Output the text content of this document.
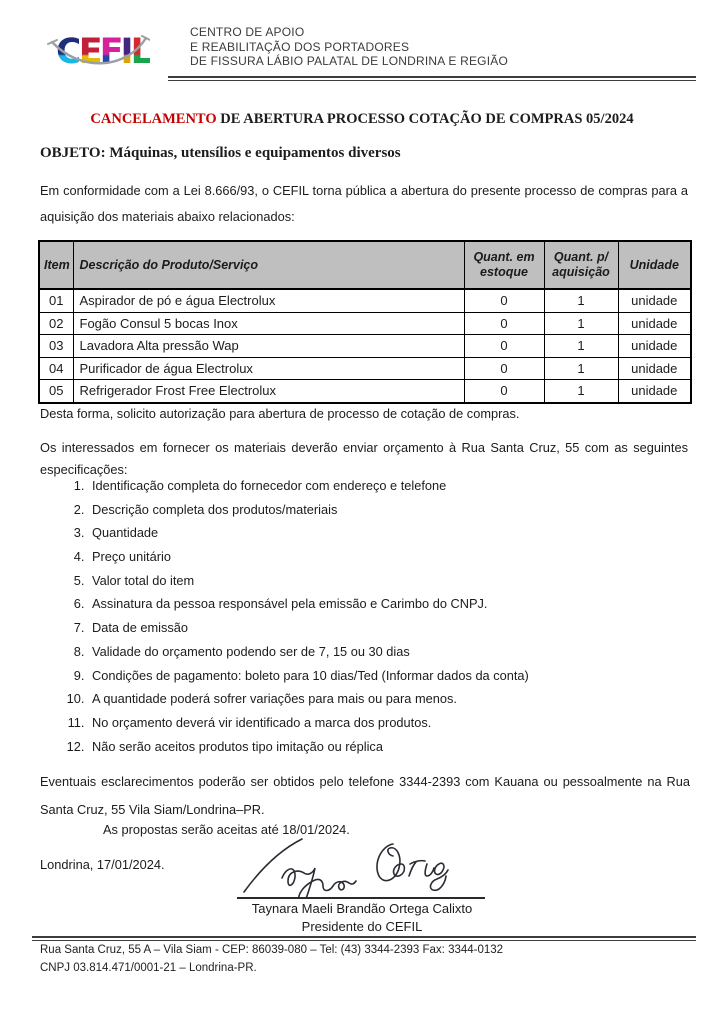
CEFIL	CENTRO DE APOIO
E REABILITAÇÃO DOS PORTADORES
DE FISSURA LÁBIO PALATAL DE LONDRINA E REGIÃO
CANCELAMENTO DE ABERTURA PROCESSO COTAÇÃO DE COMPRAS 05/2024
OBJETO: Máquinas, utensílios e equipamentos diversos
Em conformidade com a Lei 8.666/93, o CEFIL torna pública a abertura do presente processo de compras para a aquisição dos materiais abaixo relacionados:
Item	Descrição do Produto/Serviço	Quant. em estoque	Quant. p/ aquisição	Unidade
01	Aspirador de pó e água Electrolux	0	1	unidade
02	Fogão Consul 5 bocas Inox	0	1	unidade
03	Lavadora Alta pressão Wap	0	1	unidade
04	Purificador de água Electrolux	0	1	unidade
05	Refrigerador Frost Free Electrolux	0	1	unidade
Desta forma, solicito autorização para abertura de processo de cotação de compras.
Os interessados em fornecer os materiais deverão enviar orçamento à Rua Santa Cruz, 55 com as seguintes especificações:
1. Identificação completa do fornecedor com endereço e telefone
2. Descrição completa dos produtos/materiais
3. Quantidade
4. Preço unitário
5. Valor total do item
6. Assinatura da pessoa responsável pela emissão e Carimbo do CNPJ.
7. Data de emissão
8. Validade do orçamento podendo ser de 7, 15 ou 30 dias
9. Condições de pagamento: boleto para 10 dias/Ted (Informar dados da conta)
10. A quantidade poderá sofrer variações para mais ou para menos.
11. No orçamento deverá vir identificado a marca dos produtos.
12. Não serão aceitos produtos tipo imitação ou réplica
Eventuais esclarecimentos poderão ser obtidos pelo telefone 3344-2393 com Kauana ou pessoalmente na Rua Santa Cruz, 55 Vila Siam/Londrina–PR.
As propostas serão aceitas até 18/01/2024.
Londrina, 17/01/2024.
Taynara Maeli Brandão Ortega Calixto
Presidente do CEFIL
Rua Santa Cruz, 55 A – Vila Siam - CEP: 86039-080 – Tel: (43) 3344-2393 Fax: 3344-0132
CNPJ 03.814.471/0001-21 – Londrina-PR.
